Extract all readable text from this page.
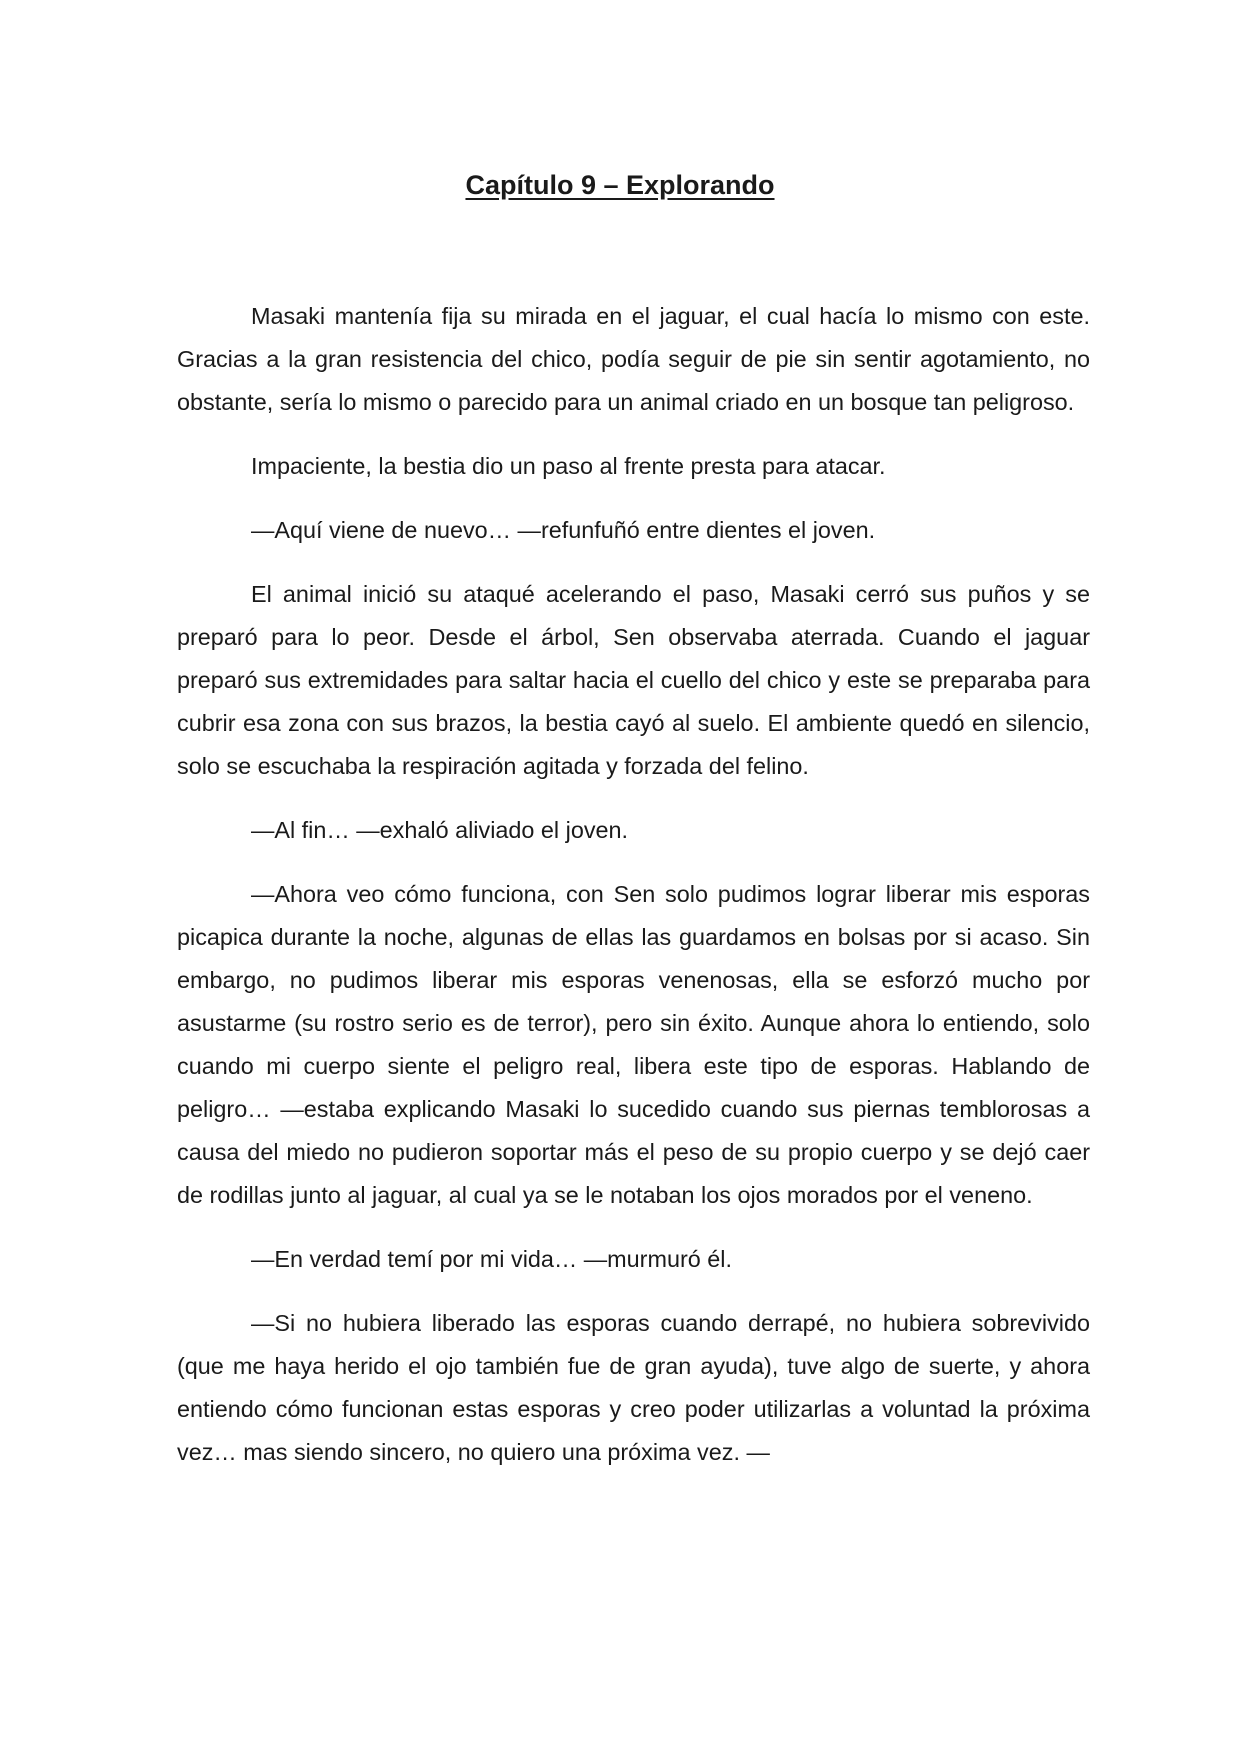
Capítulo 9 – Explorando

Masaki mantenía fija su mirada en el jaguar, el cual hacía lo mismo con este. Gracias a la gran resistencia del chico, podía seguir de pie sin sentir agotamiento, no obstante, sería lo mismo o parecido para un animal criado en un bosque tan peligroso.

Impaciente, la bestia dio un paso al frente presta para atacar.

—Aquí viene de nuevo… —refunfuñó entre dientes el joven.

El animal inició su ataqué acelerando el paso, Masaki cerró sus puños y se preparó para lo peor. Desde el árbol, Sen observaba aterrada. Cuando el jaguar preparó sus extremidades para saltar hacia el cuello del chico y este se preparaba para cubrir esa zona con sus brazos, la bestia cayó al suelo. El ambiente quedó en silencio, solo se escuchaba la respiración agitada y forzada del felino.

—Al fin… —exhaló aliviado el joven.

—Ahora veo cómo funciona, con Sen solo pudimos lograr liberar mis esporas picapica durante la noche, algunas de ellas las guardamos en bolsas por si acaso. Sin embargo, no pudimos liberar mis esporas venenosas, ella se esforzó mucho por asustarme (su rostro serio es de terror), pero sin éxito. Aunque ahora lo entiendo, solo cuando mi cuerpo siente el peligro real, libera este tipo de esporas. Hablando de peligro… —estaba explicando Masaki lo sucedido cuando sus piernas temblorosas a causa del miedo no pudieron soportar más el peso de su propio cuerpo y se dejó caer de rodillas junto al jaguar, al cual ya se le notaban los ojos morados por el veneno.

—En verdad temí por mi vida… —murmuró él.

—Si no hubiera liberado las esporas cuando derrapé, no hubiera sobrevivido (que me haya herido el ojo también fue de gran ayuda), tuve algo de suerte, y ahora entiendo cómo funcionan estas esporas y creo poder utilizarlas a voluntad la próxima vez… mas siendo sincero, no quiero una próxima vez. —
